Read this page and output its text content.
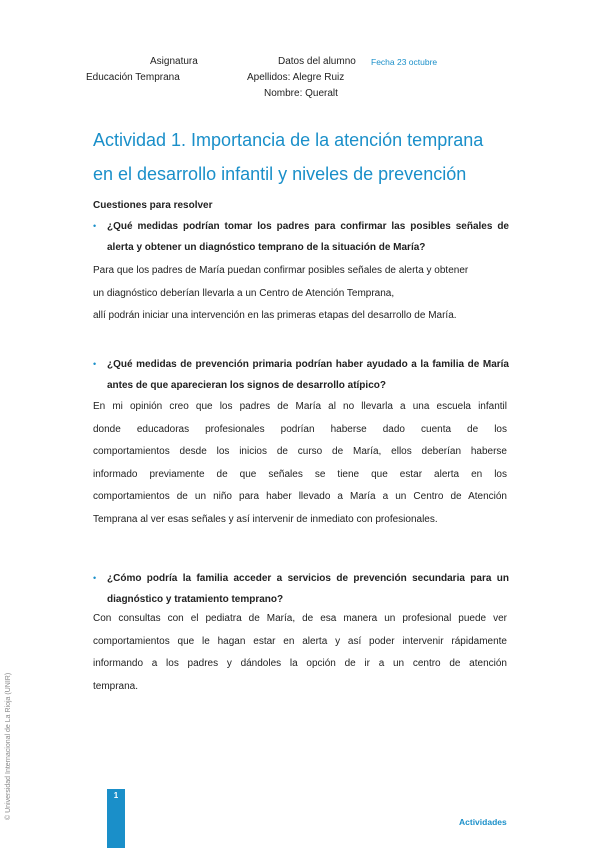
Asignatura
Educación Temprana
Datos del alumno Fecha 23 octubre
Apellidos: Alegre Ruiz
Nombre: Queralt
Actividad 1. Importancia de la atención temprana
en el desarrollo infantil y niveles de prevención
Cuestiones para resolver
•	¿Qué medidas podrían tomar los padres para confirmar las posibles señales de alerta y obtener un diagnóstico temprano de la situación de María?
Para que los padres de María puedan confirmar posibles señales de alerta y obtener
un diagnóstico deberían llevarla a un Centro de Atención Temprana,
allí podrán iniciar una intervención en las primeras etapas del desarrollo de María.
•	¿Qué medidas de prevención primaria podrían haber ayudado a la familia de María antes de que aparecieran los signos de desarrollo atípico?
En mi opinión creo que los padres de María al no llevarla a una escuela infantil
donde educadoras profesionales podrían haberse dado cuenta de los
comportamientos desde los inicios de curso de María, ellos deberían haberse
informado previamente de que señales se tiene que estar alerta en los
comportamientos de un niño para haber llevado a María a un Centro de Atención
Temprana al ver esas señales y así intervenir de inmediato con profesionales.
•	¿Cómo podría la familia acceder a servicios de prevención secundaria para un diagnóstico y tratamiento temprano?
Con consultas con el pediatra de María, de esa manera un profesional puede ver
comportamientos que le hagan estar en alerta y así poder intervenir rápidamente
informando a los padres y dándoles la opción de ir a un centro de atención
temprana.
© Universidad Internacional de La Rioja (UNIR)	1
Actividades
